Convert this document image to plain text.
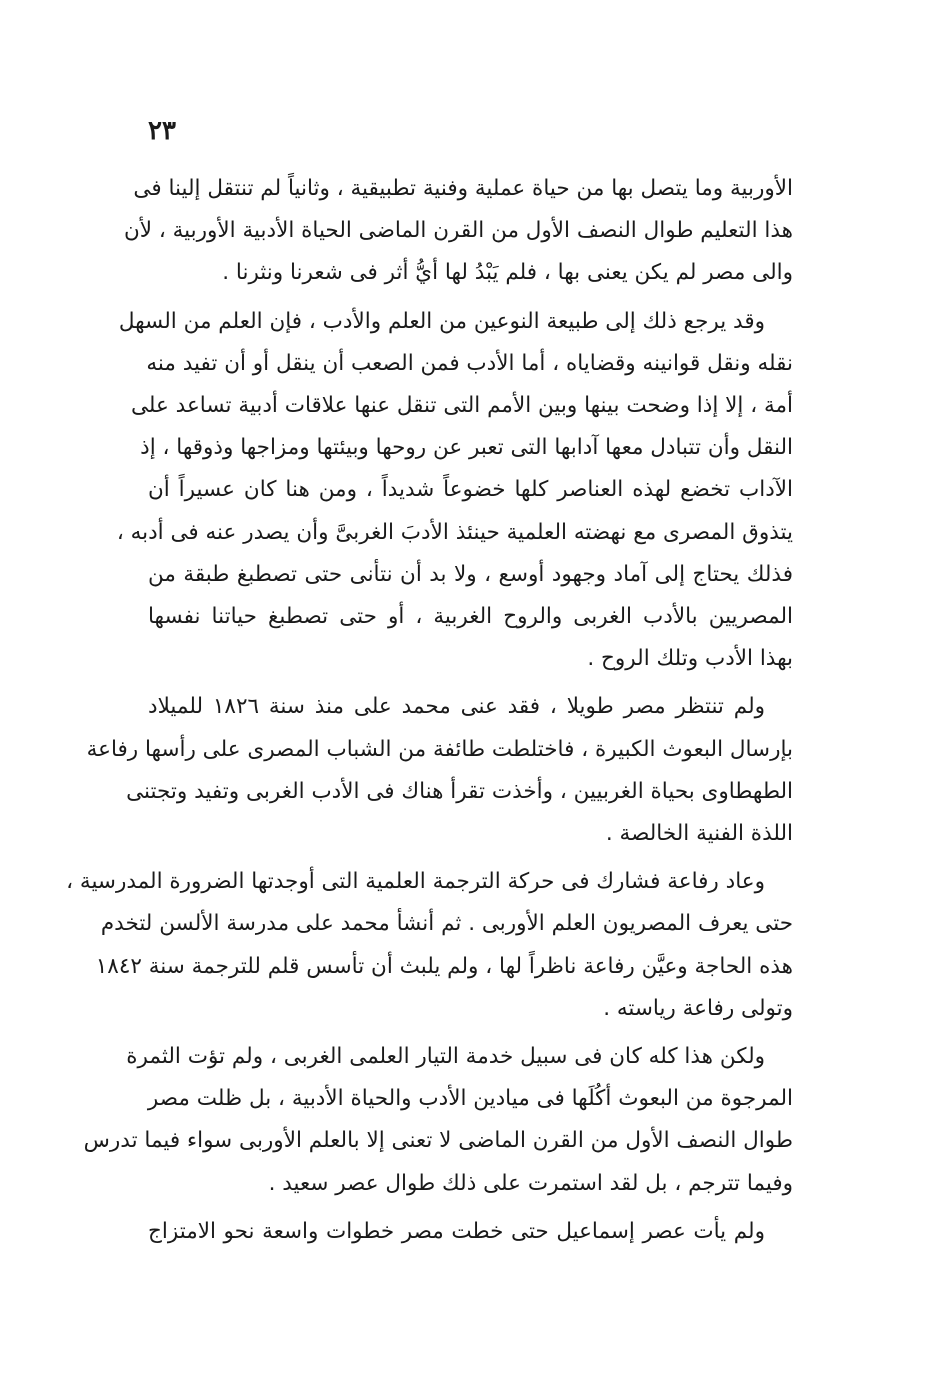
٢٣
الأوربية وما يتصل بها من حياة عملية وفنية تطبيقية ، وثانياً لم تنتقل إلينا فى
هذا التعليم طوال النصف الأول من القرن الماضى الحياة الأدبية الأوربية ، لأن
والى مصر لم يكن يعنى بها ، فلم يَبْدُ لها أيُّ أثر فى شعرنا ونثرنا .
وقد يرجع ذلك إلى طبيعة النوعين من العلم والأدب ، فإن العلم من السهل
نقله ونقل قوانينه وقضاياه ، أما الأدب فمن الصعب أن ينقل أو أن تفيد منه
أمة ، إلا إذا وضحت بينها وبين الأمم التى تنقل عنها علاقات أدبية تساعد على
النقل وأن تتبادل معها آدابها التى تعبر عن روحها وبيئتها ومزاجها وذوقها ، إذ
الآداب تخضع لهذه العناصر كلها خضوعاً شديداً ، ومن هنا كان عسيراً أن
يتذوق المصرى مع نهضته العلمية حينئذ الأدبَ الغربىَّ وأن يصدر عنه فى أدبه ،
فذلك يحتاج إلى آماد وجهود أوسع ، ولا بد أن نتأنى حتى تصطبغ طبقة من
المصريين بالأدب الغربى والروح الغربية ، أو حتى تصطبغ حياتنا نفسها
بهذا الأدب وتلك الروح .
ولم تنتظر مصر طويلا ، فقد عنى محمد على منذ سنة ١٨٢٦ للميلاد
بإرسال البعوث الكبيرة ، فاختلطت طائفة من الشباب المصرى على رأسها رفاعة
الطهطاوى بحياة الغربيين ، وأخذت تقرأ هناك فى الأدب الغربى وتفيد وتجتنى
اللذة الفنية الخالصة .
وعاد رفاعة فشارك فى حركة الترجمة العلمية التى أوجدتها الضرورة المدرسية ،
حتى يعرف المصريون العلم الأوربى . ثم أنشأ محمد على مدرسة الألسن لتخدم
هذه الحاجة وعيَّن رفاعة ناظراً لها ، ولم يلبث أن تأسس قلم للترجمة سنة ١٨٤٢
وتولى رفاعة رياسته .
ولكن هذا كله كان فى سبيل خدمة التيار العلمى الغربى ، ولم تؤت الثمرة
المرجوة من البعوث أكُلَها فى ميادين الأدب والحياة الأدبية ، بل ظلت مصر
طوال النصف الأول من القرن الماضى لا تعنى إلا بالعلم الأوربى سواء فيما تدرس
وفيما تترجم ، بل لقد استمرت على ذلك طوال عصر سعيد .
ولم يأت عصر إسماعيل حتى خطت مصر خطوات واسعة نحو الامتزاج
